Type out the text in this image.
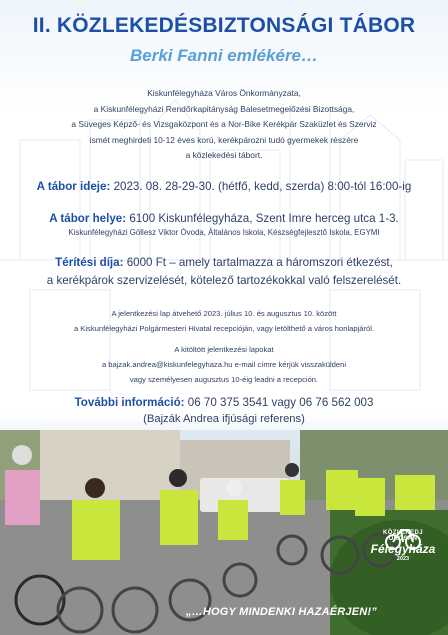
II. KÖZLEKEDÉSBIZTONSÁGI TÁBOR
Berki Fanni emlékére…
Kiskunfélegyháza Város Önkormányzata,
a Kiskunfélegyházi Rendőrkapitányság Balesetmegelőzési Bizottsága,
a Süveges Képző- és Vizsgaközpont és a Nor-Bike Kerékpár Szaküzlet és Szerviz
ismét meghirdeti 10-12 éves korú, kerékpározni tudó gyermekek részére
a közlekedési tábort.
A tábor ideje: 2023. 08. 28-29-30. (hétfő, kedd, szerda) 8:00-tól 16:00-ig
A tábor helye: 6100 Kiskunfélegyháza, Szent Imre herceg utca 1-3.
Kiskunfélegyházi Göllesz Viktor Óvoda, Általános Iskola, Készségfejlesztő Iskola, EGYMI
Térítési díja: 6000 Ft – amely tartalmazza a háromszori étkezést,
a kerékpárok szervizelését, kötelező tartozékokkal való felszerelését.
A jelentkezési lap átvehető 2023. július 10. és augusztus 10. között
a Kiskunfélegyházi Polgármesteri Hivatal recepcióján, vagy letölthető a város honlapjáról.
A kitöltött jelentkezési lapokat
a bajzak.andrea@kiskunfelegyhaza.hu e-mail címre kérjük visszaküldeni
vagy személyesen augusztus 10-éig leadni a recepción.
További információ: 06 70 375 3541 vagy 06 76 562 003
(Bajzák Andrea ifjúsági referens)
KÖZLEKEDJ OKOSAN
Félegyháza
2023
„…HOGY MINDENKI HAZAÉRJEN!”
